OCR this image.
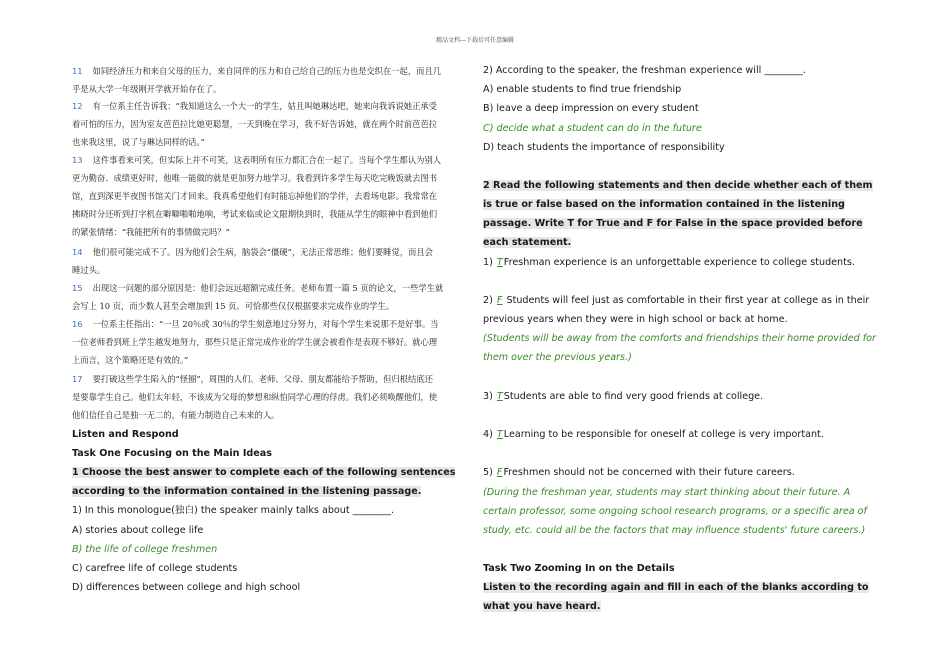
精品文档---下载后可任意编辑
11 如同经济压力和来自父母的压力，来自同伴的压力和自己给自己的压力也是交织在一起，而且几
乎是从大学一年级刚开学就开始存在了。
12 有一位系主任告诉我：“我知道这么一个大一的学生，姑且叫她琳达吧，她来向我诉说她正承受
着可怕的压力，因为室友芭芭拉比她更聪慧，一天到晚在学习，我不好告诉她，就在两个时前芭芭拉
也来我这里，说了与琳达同样的话。”
13 这件事看来可笑，但实际上并不可笑，这表明所有压力都汇合在一起了。当每个学生都认为别人
更为勤奋、成绩更好时，他唯一能做的就是更加努力地学习。我看到许多学生每天吃完晚饭就去图书
馆，直到深更半夜图书馆关门才回来。我真希望他们有时能忘掉他们的学伴，去看场电影。我常常在
拂晓时分还听到打字机在噼噼啪啪地响，考试来临或论文限期快到时，我能从学生的眼神中看到他们
的紧张情绪：“我能把所有的事情做完吗？”
14 他们很可能完成不了。因为他们会生病，脑袋会“僵硬”，无法正常思维；他们要睡觉，而且会
睡过头。
15 出现这一问题的部分原因是：他们会远远超额完成任务。老师布置一篇 5 页的论文，一些学生就
会写上 10 页，而少数人甚至会增加到 15 页。可恰那些仅仅根据要求完成作业的学生。
16 一位系主任指出：“一旦 20％或 30％的学生刻意地过分努力，对每个学生来说那不是好事。当
一位老师看到班上学生越发地努力，那些只是正常完成作业的学生就会被看作是表现不够好。就心理
上而言，这个策略还是有效的。”
17 要打破这些学生陷入的“怪圈”，周围的人们、老师、父母、朋友都能给予帮助，但归根结底还
是要靠学生自己。他们太年轻，不该成为父母的梦想和纵怕同学心理的俘虏。我们必须唤醒他们，使
他们信任自己是独一无二的，有能力制造自己未来的人。
Listen and Respond
Task One Focusing on the Main Ideas
1 Choose the best answer to complete each of the following sentences
according to the information contained in the listening passage.
1) In this monologue(独白) the speaker mainly talks about ________.
A) stories about college life
B) the life of college freshmen
C) carefree life of college students
D) differences between college and high school
2) According to the speaker, the freshman experience will ________.
A) enable students to find true friendship
B) leave a deep impression on every student
C) decide what a student can do in the future
D) teach students the importance of responsibility
2 Read the following statements and then decide whether each of them
is true or false based on the information contained in the listening
passage. Write T for True and F for False in the space provided before
each statement.
1) TFreshman experience is an unforgettable experience to college students.
2) F Students will feel just as comfortable in their first year at college as in their
previous years when they were in high school or back at home.
(Students will be away from the comforts and friendships their home provided for
them over the previous years.)
3) TStudents are able to find very good friends at college.
4) TLearning to be responsible for oneself at college is very important.
5) FFreshmen should not be concerned with their future careers.
(During the freshman year, students may start thinking about their future. A
certain professor, some ongoing school research programs, or a specific area of
study, etc. could all be the factors that may influence students' future careers.)
Task Two Zooming In on the Details
Listen to the recording again and fill in each of the blanks according to
what you have heard.
